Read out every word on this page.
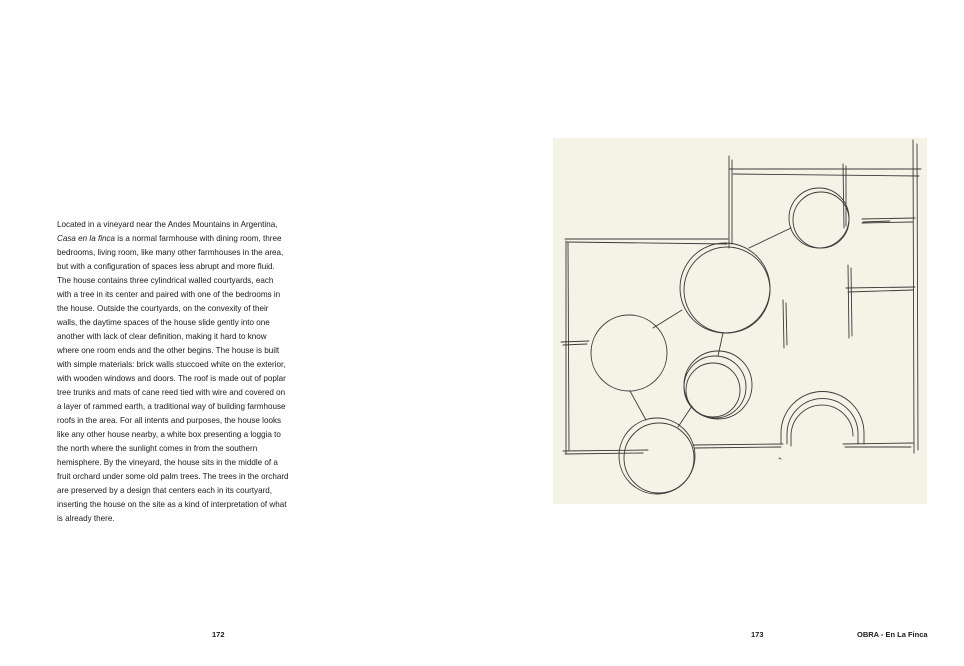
Located in a vineyard near the Andes Mountains in Argentina, Casa en la finca is a normal farmhouse with dining room, three bedrooms, living room, like many other farmhouses in the area, but with a configuration of spaces less abrupt and more fluid. The house contains three cylindrical walled courtyards, each with a tree in its center and paired with one of the bedrooms in the house. Outside the courtyards, on the convexity of their walls, the daytime spaces of the house slide gently into one another with lack of clear definition, making it hard to know where one room ends and the other begins. The house is built with simple materials: brick walls stuccoed white on the exterior, with wooden windows and doors. The roof is made out of poplar tree trunks and mats of cane reed tied with wire and covered on a layer of rammed earth, a traditional way of building farmhouse roofs in the area. For all intents and purposes, the house looks like any other house nearby, a white box presenting a loggia to the north where the sunlight comes in from the southern hemisphere. By the vineyard, the house sits in the middle of a fruit orchard under some old palm trees. The trees in the orchard are preserved by a design that centers each in its courtyard, inserting the house on the site as a kind of interpretation of what is already there.

172	173	OBRA - En La Finca
